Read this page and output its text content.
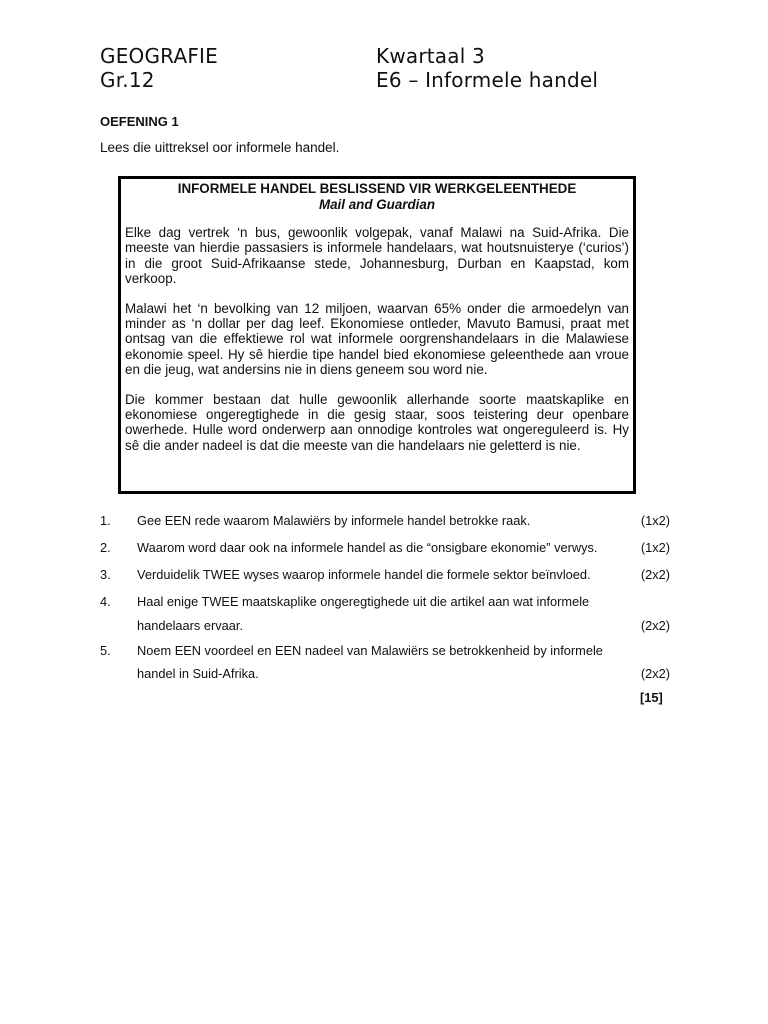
GEOGRAFIE
Gr.12
Kwartaal 3
E6 – Informele handel
OEFENING 1
Lees die uittreksel oor informele handel.
INFORMELE HANDEL BESLISSEND VIR WERKGELEENTHEDE
Mail and Guardian

Elke dag vertrek ‘n bus, gewoonlik volgepak, vanaf Malawi na Suid-Afrika. Die meeste van hierdie passasiers is informele handelaars, wat houtsnuisterye (‘curios’) in die groot Suid-Afrikaanse stede, Johannesburg, Durban en Kaapstad, kom verkoop.

Malawi het ‘n bevolking van 12 miljoen, waarvan 65% onder die armoedelyn van minder as ‘n dollar per dag leef. Ekonomiese ontleder, Mavuto Bamusi, praat met ontsag van die effektiewe rol wat informele oorgrenshandelaars in die Malawiese ekonomie speel. Hy sê hierdie tipe handel bied ekonomiese geleenthede aan vroue en die jeug, wat andersins nie in diens geneem sou word nie.

Die kommer bestaan dat hulle gewoonlik allerhande soorte maatskaplike en ekonomiese ongeregtighede in die gesig staar, soos teistering deur openbare owerhede. Hulle word onderwerp aan onnodige kontroles wat ongereguleerd is. Hy sê die ander nadeel is dat die meeste van die handelaars nie geletterd is nie.

1. Gee EEN rede waarom Malawiërs by informele handel betrokke raak.	(1x2)
2. Waarom word daar ook na informele handel as die “onsigbare ekonomie” verwys.	(1x2)
3. Verduidelik TWEE wyses waarop informele handel die formele sektor beïnvloed.	(2x2)
4. Haal enige TWEE maatskaplike ongeregtighede uit die artikel aan wat informele
handelaars ervaar.	(2x2)
5. Noem EEN voordeel en EEN nadeel van Malawiërs se betrokkenheid by informele
handel in Suid-Afrika.	(2x2)
[15]
